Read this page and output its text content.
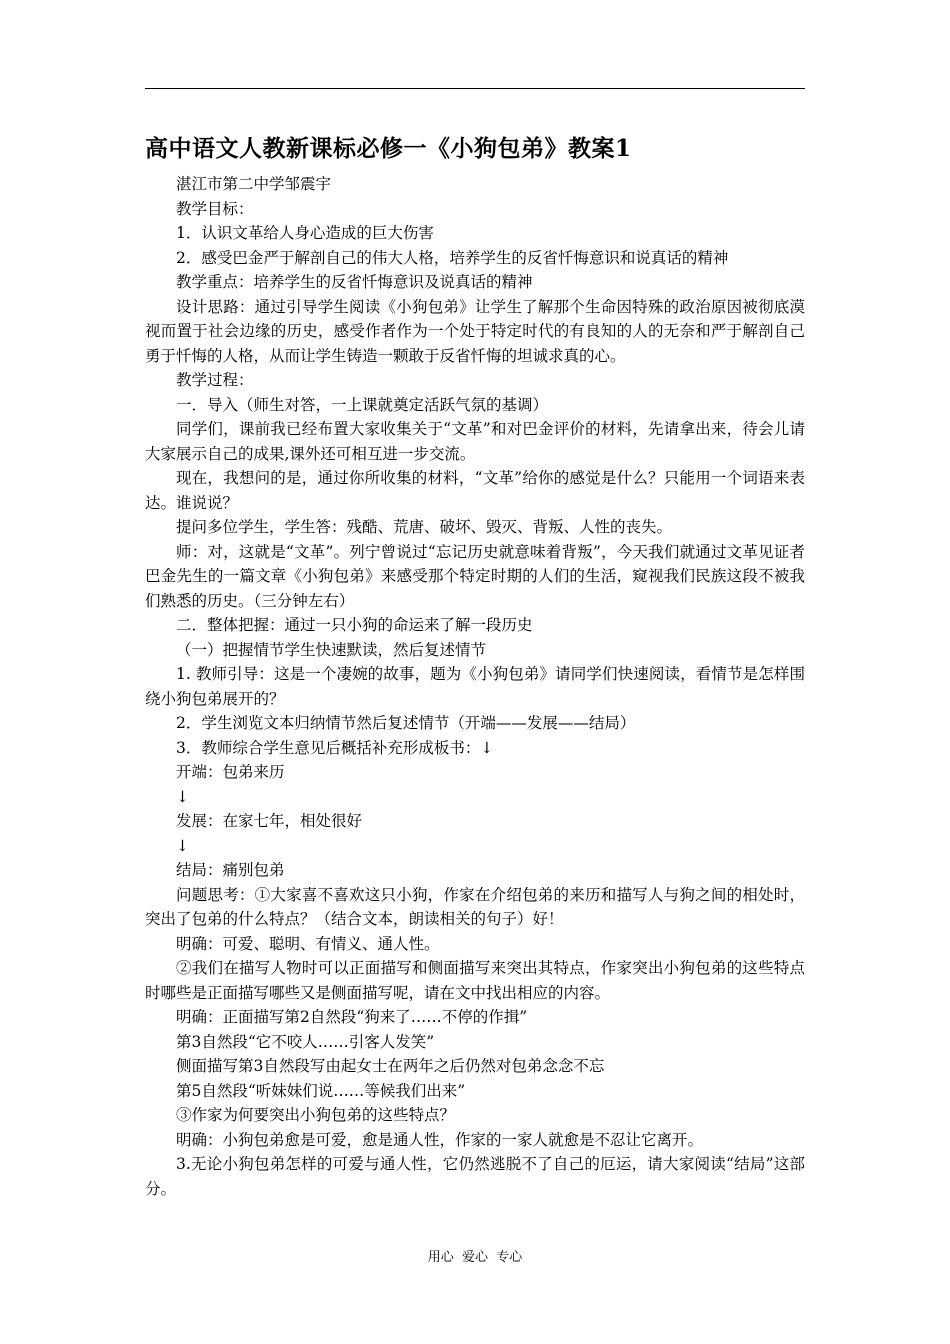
高中语文人教新课标必修一《小狗包弟》教案1

湛江市第二中学邹震宇

教学目标：

1．认识文革给人身心造成的巨大伤害

2．感受巴金严于解剖自己的伟大人格，培养学生的反省忏悔意识和说真话的精神

教学重点：培养学生的反省忏悔意识及说真话的精神

设计思路：通过引导学生阅读《小狗包弟》让学生了解那个生命因特殊的政治原因被彻底漠视而置于社会边缘的历史，感受作者作为一个处于特定时代的有良知的人的无奈和严于解剖自己勇于忏悔的人格，从而让学生铸造一颗敢于反省忏悔的坦诚求真的心。

教学过程：

一．导入（师生对答，一上课就奠定活跃气氛的基调）

同学们，课前我已经布置大家收集关于“文革”和对巴金评价的材料，先请拿出来，待会儿请大家展示自己的成果,课外还可相互进一步交流。

现在，我想问的是，通过你所收集的材料，“文革”给你的感觉是什么？只能用一个词语来表达。谁说说？

提问多位学生，学生答：残酷、荒唐、破坏、毁灭、背叛、人性的丧失。

师：对，这就是“文革”。列宁曾说过“忘记历史就意味着背叛”，今天我们就通过文革见证者巴金先生的一篇文章《小狗包弟》来感受那个特定时期的人们的生活，窥视我们民族这段不被我们熟悉的历史。（三分钟左右）

二．整体把握：通过一只小狗的命运来了解一段历史

（一）把握情节学生快速默读，然后复述情节

1. 教师引导：这是一个凄婉的故事，题为《小狗包弟》请同学们快速阅读，看情节是怎样围绕小狗包弟展开的？

2．学生浏览文本归纳情节然后复述情节（开端——发展——结局）

3．教师综合学生意见后概括补充形成板书：↓

开端：包弟来历

↓

发展：在家七年，相处很好

↓

结局：痛别包弟

问题思考：①大家喜不喜欢这只小狗，作家在介绍包弟的来历和描写人与狗之间的相处时，突出了包弟的什么特点？（结合文本，朗读相关的句子）好！

明确：可爱、聪明、有情义、通人性。

②我们在描写人物时可以正面描写和侧面描写来突出其特点，作家突出小狗包弟的这些特点时哪些是正面描写哪些又是侧面描写呢，请在文中找出相应的内容。

明确：正面描写第2自然段“狗来了……不停的作揖”

第3自然段“它不咬人……引客人发笑”

侧面描写第3自然段写由起女士在两年之后仍然对包弟念念不忘

第5自然段“听妹妹们说……等候我们出来”

③作家为何要突出小狗包弟的这些特点？

明确：小狗包弟愈是可爱，愈是通人性，作家的一家人就愈是不忍让它离开。

3.无论小狗包弟怎样的可爱与通人性，它仍然逃脱不了自己的厄运，请大家阅读“结局”这部分。

用心  爱心  专心
